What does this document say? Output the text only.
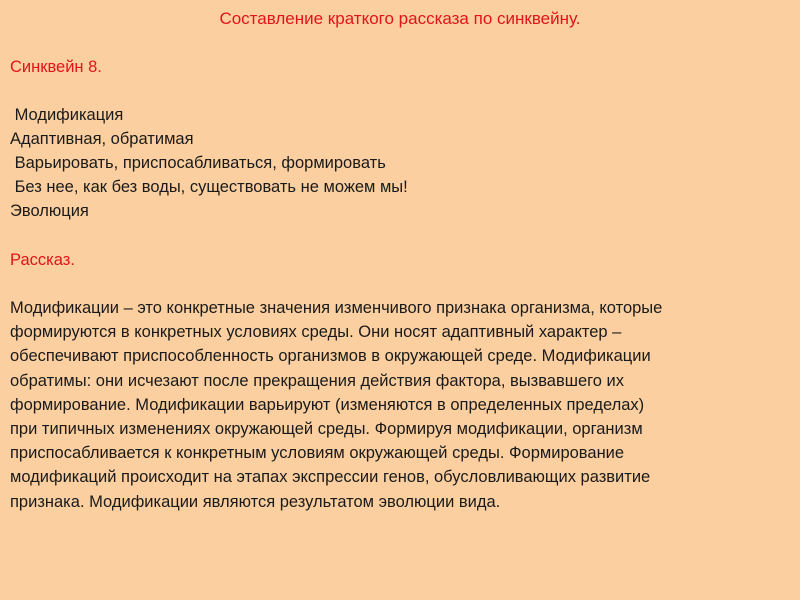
Составление краткого рассказа по синквейну.
Синквейн 8.
Модификация
Адаптивная, обратимая
Варьировать, приспосабливаться, формировать
Без нее, как без воды, существовать не можем мы!
Эволюция
Рассказ.
Модификации – это конкретные значения изменчивого признака организма, которые
формируются в конкретных условиях среды. Они носят адаптивный характер –
обеспечивают приспособленность организмов в окружающей среде. Модификации
обратимы: они исчезают после прекращения действия фактора, вызвавшего их
формирование. Модификации варьируют (изменяются в определенных пределах)
при типичных изменениях окружающей среды. Формируя модификации, организм
приспосабливается к конкретным условиям окружающей среды. Формирование
модификаций происходит на этапах экспрессии генов, обусловливающих развитие
признака. Модификации являются результатом эволюции вида.
